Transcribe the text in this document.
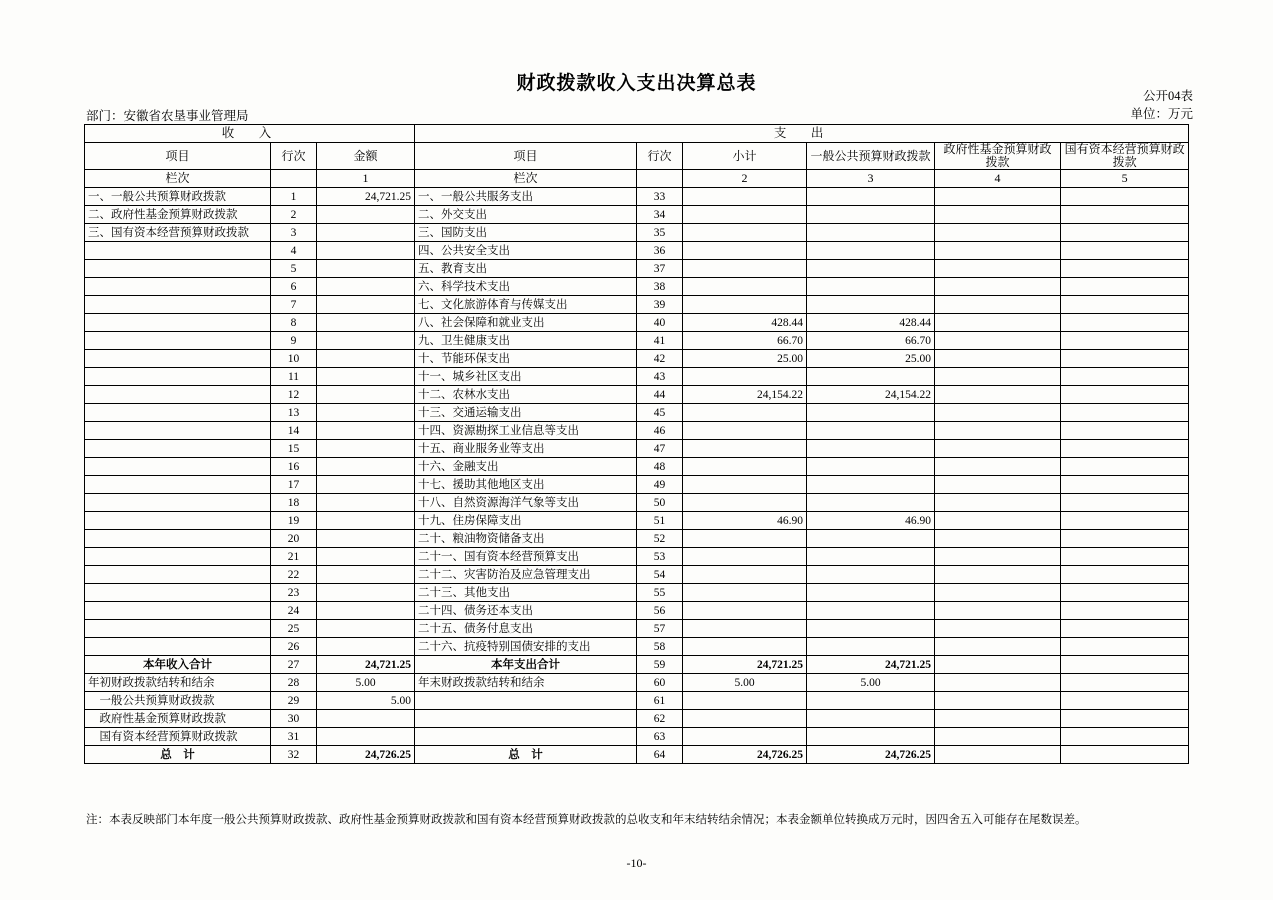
财政拨款收入支出决算总表
公开04表
单位：万元
部门：安徽省农垦事业管理局
收　入			支　出					
项目	行次	金额	项目	行次	小计	一般公共预算财政拨款	政府性基金预算财政拨款	国有资本经营预算财政拨款
栏次		1	栏次		2	3	4	5
一、一般公共预算财政拨款	1	24,721.25	一、一般公共服务支出	33				
二、政府性基金预算财政拨款	2		二、外交支出	34				
三、国有资本经营预算财政拨款	3		三、国防支出	35				
	4		四、公共安全支出	36				
	5		五、教育支出	37				
	6		六、科学技术支出	38				
	7		七、文化旅游体育与传媒支出	39				
	8		八、社会保障和就业支出	40	428.44	428.44		
	9		九、卫生健康支出	41	66.70	66.70		
	10		十、节能环保支出	42	25.00	25.00		
	11		十一、城乡社区支出	43				
	12		十二、农林水支出	44	24,154.22	24,154.22		
	13		十三、交通运输支出	45				
	14		十四、资源勘探工业信息等支出	46				
	15		十五、商业服务业等支出	47				
	16		十六、金融支出	48				
	17		十七、援助其他地区支出	49				
	18		十八、自然资源海洋气象等支出	50				
	19		十九、住房保障支出	51	46.90	46.90		
	20		二十、粮油物资储备支出	52				
	21		二十一、国有资本经营预算支出	53				
	22		二十二、灾害防治及应急管理支出	54				
	23		二十三、其他支出	55				
	24		二十四、债务还本支出	56				
	25		二十五、债务付息支出	57				
	26		二十六、抗疫特别国债安排的支出	58				
本年收入合计	27	24,721.25	本年支出合计	59	24,721.25	24,721.25		
年初财政拨款结转和结余	28	5.00	年末财政拨款结转和结余	60	5.00	5.00		
　一般公共预算财政拨款	29	5.00		61				
　政府性基金预算财政拨款	30			62				
　国有资本经营预算财政拨款	31			63				
总　计	32	24,726.25	总　计	64	24,726.25	24,726.25		
注：本表反映部门本年度一般公共预算财政拨款、政府性基金预算财政拨款和国有资本经营预算财政拨款的总收支和年末结转结余情况；本表金额单位转换成万元时，因四舍五入可能存在尾数误差。
-10-
